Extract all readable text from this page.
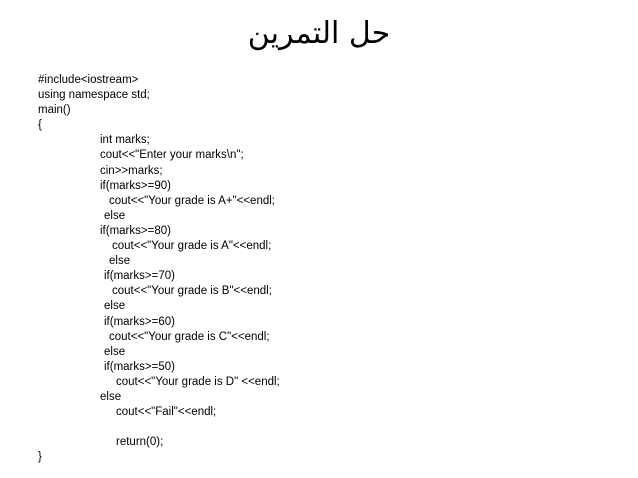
حل التمرين
#include<iostream>
using namespace std;
main()
{
int marks;
cout<<"Enter your marks\n";
cin>>marks;
if(marks>=90)
cout<<"Your grade is A+"<<endl;
else
if(marks>=80)
cout<<"Your grade is A"<<endl;
else
if(marks>=70)
cout<<"Your grade is B"<<endl;
else
if(marks>=60)
cout<<"Your grade is C"<<endl;
else
if(marks>=50)
cout<<"Your grade is D" <<endl;
else
cout<<"Fail"<<endl;
return(0);
}
